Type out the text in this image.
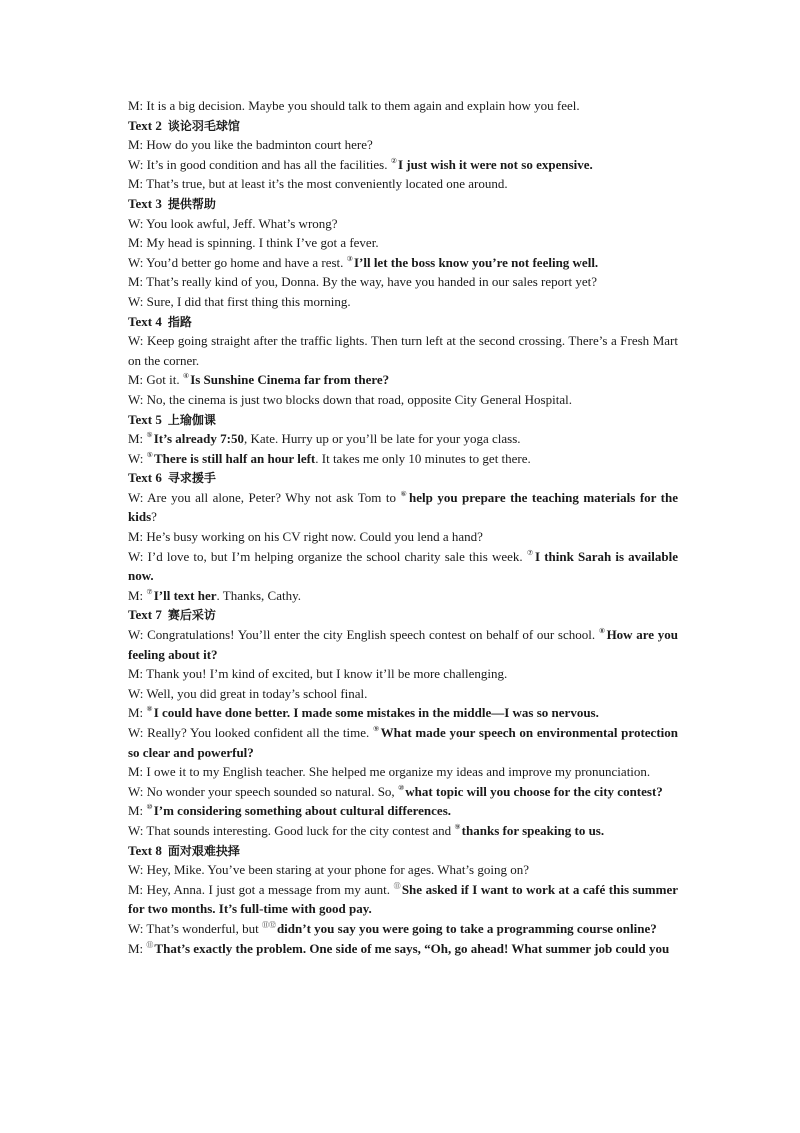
M: It is a big decision. Maybe you should talk to them again and explain how you feel.
Text 2 谈论羽毛球馆
M: How do you like the badminton court here?
W: It’s in good condition and has all the facilities. ②I just wish it were not so expensive.
M: That’s true, but at least it’s the most conveniently located one around.
Text 3 提供帮助
W: You look awful, Jeff. What’s wrong?
M: My head is spinning. I think I’ve got a fever.
W: You’d better go home and have a rest. ③I’ll let the boss know you’re not feeling well.
M: That’s really kind of you, Donna. By the way, have you handed in our sales report yet?
W: Sure, I did that first thing this morning.
Text 4 指路
W: Keep going straight after the traffic lights. Then turn left at the second crossing. There’s a Fresh Mart on the corner.
M: Got it. ④Is Sunshine Cinema far from there?
W: No, the cinema is just two blocks down that road, opposite City General Hospital.
Text 5 上瑜伽课
M: ⑤It’s already 7:50, Kate. Hurry up or you’ll be late for your yoga class.
W: ⑤There is still half an hour left. It takes me only 10 minutes to get there.
Text 6 寻求援手
W: Are you all alone, Peter? Why not ask Tom to ⑥help you prepare the teaching materials for the kids?
M: He’s busy working on his CV right now. Could you lend a hand?
W: I’d love to, but I’m helping organize the school charity sale this week. ⑦I think Sarah is available now.
M: ⑦I’ll text her. Thanks, Cathy.
Text 7 赛后采访
W: Congratulations! You’ll enter the city English speech contest on behalf of our school. ⑧How are you feeling about it?
M: Thank you! I’m kind of excited, but I know it’ll be more challenging.
W: Well, you did great in today’s school final.
M: ⑧I could have done better. I made some mistakes in the middle—I was so nervous.
W: Really? You looked confident all the time. ⑨What made your speech on environmental protection so clear and powerful?
M: I owe it to my English teacher. She helped me organize my ideas and improve my pronunciation.
W: No wonder your speech sounded so natural. So, ⑩what topic will you choose for the city contest?
M: ⑩I’m considering something about cultural differences.
W: That sounds interesting. Good luck for the city contest and ⑨thanks for speaking to us.
Text 8 面对艰难抉择
W: Hey, Mike. You’ve been staring at your phone for ages. What’s going on?
M: Hey, Anna. I just got a message from my aunt. ⑪She asked if I want to work at a café this summer for two months. It’s full-time with good pay.
W: That’s wonderful, but ⑪⑫didn’t you say you were going to take a programming course online?
M: ⑪That’s exactly the problem. One side of me says, “Oh, go ahead! What summer job could you
